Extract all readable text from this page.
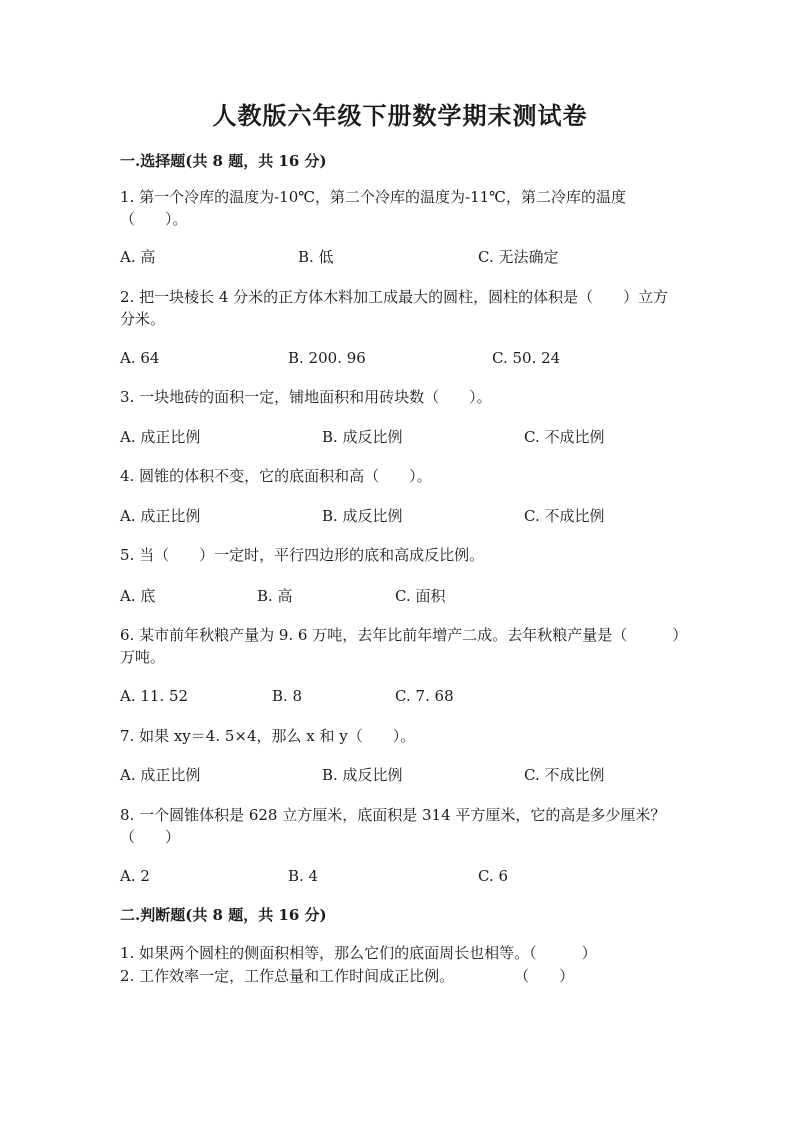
人教版六年级下册数学期末测试卷
一.选择题(共 8 题，共 16 分)
1. 第一个冷库的温度为-10℃，第二个冷库的温度为-11℃，第二冷库的温度（　　）。
A. 高	B. 低	C. 无法确定
2. 把一块棱长 4 分米的正方体木料加工成最大的圆柱，圆柱的体积是（　　）立方分米。
A. 64	B. 200. 96	C. 50. 24
3. 一块地砖的面积一定，铺地面积和用砖块数（　　）。
A. 成正比例	B. 成反比例	C. 不成比例
4. 圆锥的体积不变，它的底面积和高（　　）。
A. 成正比例	B. 成反比例	C. 不成比例
5. 当（　　）一定时，平行四边形的底和高成反比例。
A. 底	B. 高	C. 面积
6. 某市前年秋粮产量为 9. 6 万吨，去年比前年增产二成。去年秋粮产量是（　　　）万吨。
A. 11. 52	B. 8	C. 7. 68
7. 如果 xy＝4. 5×4，那么 x 和 y（　　）。
A. 成正比例	B. 成反比例	C. 不成比例
8. 一个圆锥体积是 628 立方厘米，底面积是 314 平方厘米，它的高是多少厘米？（　　）
A. 2	B. 4	C. 6
二.判断题(共 8 题，共 16 分)
1. 如果两个圆柱的侧面积相等，那么它们的底面周长也相等。（　　　）
2. 工作效率一定，工作总量和工作时间成正比例。　　　　　（　　）
